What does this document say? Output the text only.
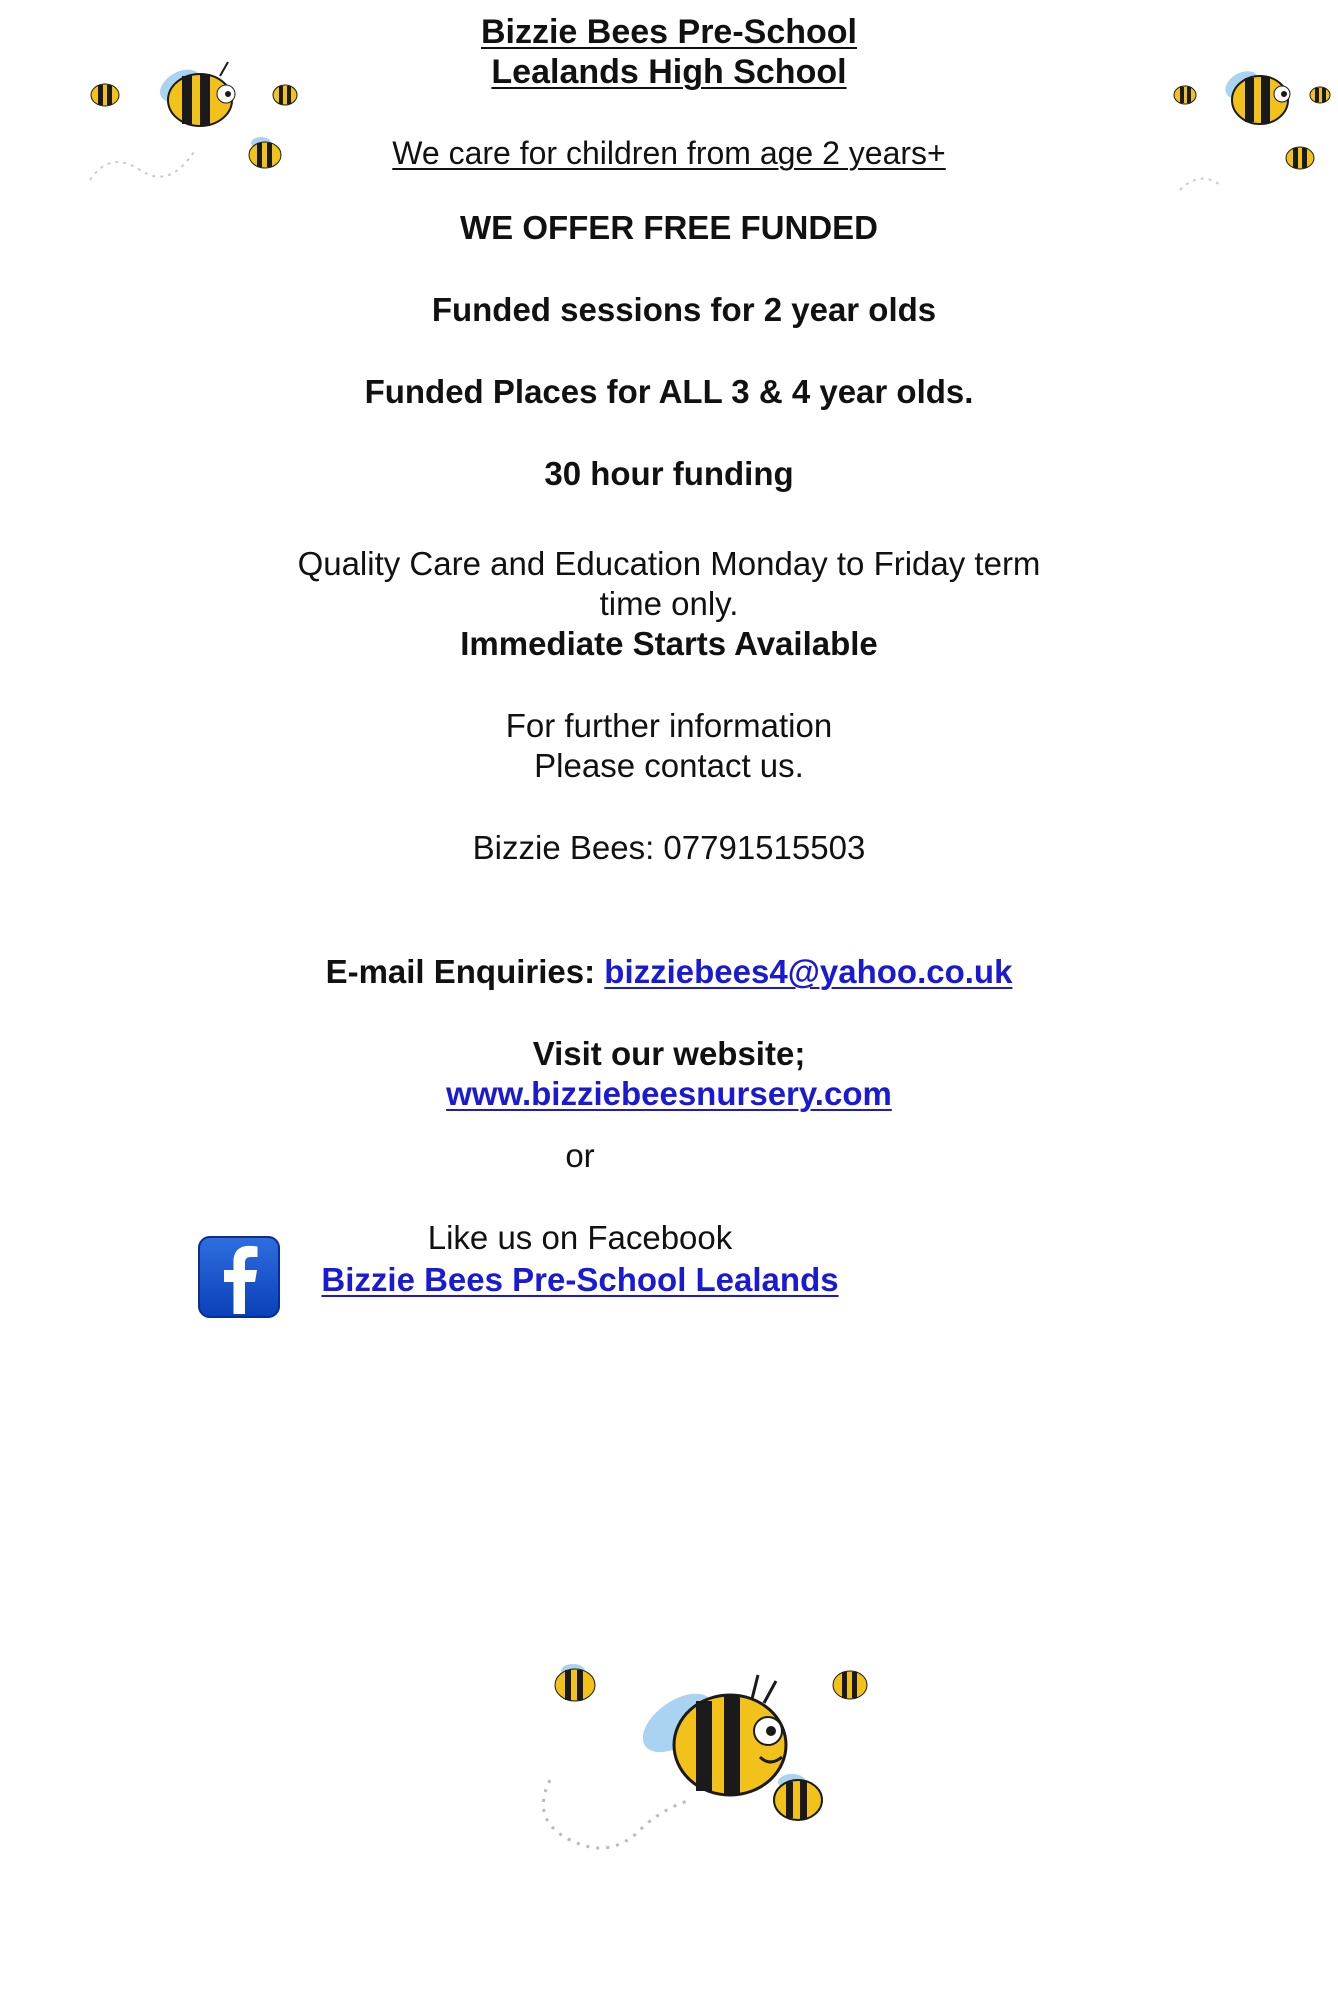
Bizzie Bees Pre-School
Lealands High School
We care for children from age 2 years+
WE OFFER FREE FUNDED
Funded sessions for 2 year olds
Funded Places for ALL 3 & 4 year olds.
30 hour funding
Quality Care and Education Monday to Friday term
time only.
Immediate Starts Available
For further information
Please contact us.
Bizzie Bees: 07791515503
E-mail Enquiries: bizziebees4@yahoo.co.uk
Visit our website;
www.bizziebeesnursery.com
or
Like us on Facebook
Bizzie Bees Pre-School Lealands
